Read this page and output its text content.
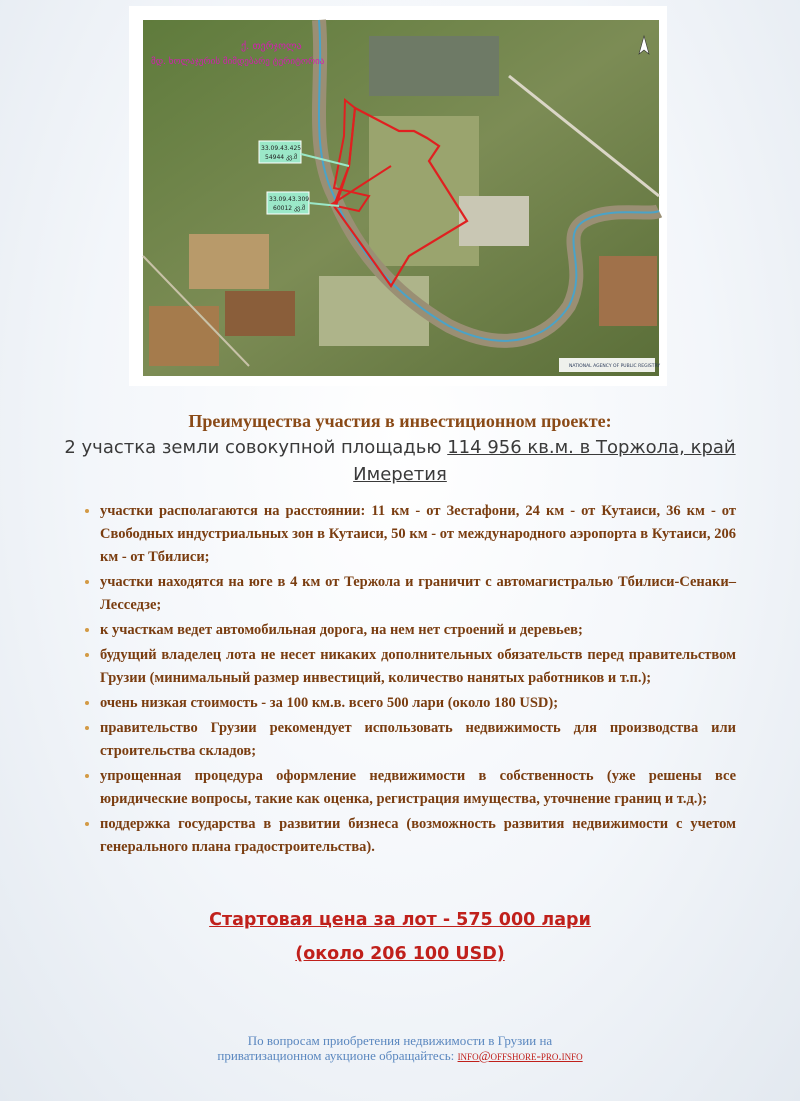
33.09.43.425
54944 კვ.მ
33.09.43.309
60012 კვ.მ
ქ. თერჯოლა
მდ. ხოლაჯურის მიმდებარე ტერიტორია
NATIONAL AGENCY OF PUBLIC REGISTRY
Преимущества участия в инвестиционном проекте:
2 участка земли совокупной площадью 114 956 кв.м. в Торжола, край Имеретия
• участки располагаются на расстоянии: 11 км - от Зестафони, 24 км - от Кутаиси, 36 км - от Свободных индустриальных зон в Кутаиси, 50 км - от международного аэропорта в Кутаиси, 206 км - от Тбилиси;
• участки находятся на юге в 4 км от Тержола и граничит с автомагистралью Тбилиси-Сенаки–Лесседзе;
• к участкам ведет автомобильная дорога, на нем нет строений и деревьев;
• будущий владелец лота не несет никаких дополнительных обязательств перед правительством Грузии (минимальный размер инвестиций, количество нанятых работников и т.п.);
• очень низкая стоимость - за 100 км.в. всего 500 лари (около 180 USD);
• правительство Грузии рекомендует использовать недвижимость для производства или строительства складов;
• упрощенная процедура оформление недвижимости в собственность (уже решены все юридические вопросы, такие как оценка, регистрация имущества, уточнение границ и т.д.);
• поддержка государства в развитии бизнеса (возможность развития недвижимости с учетом генерального плана градостроительства).
Стартовая цена за лот - 575 000 лари
(около 206 100 USD)
По вопросам приобретения недвижимости в Грузии на
приватизационном аукционе обращайтесь: info@offshore-pro.info
